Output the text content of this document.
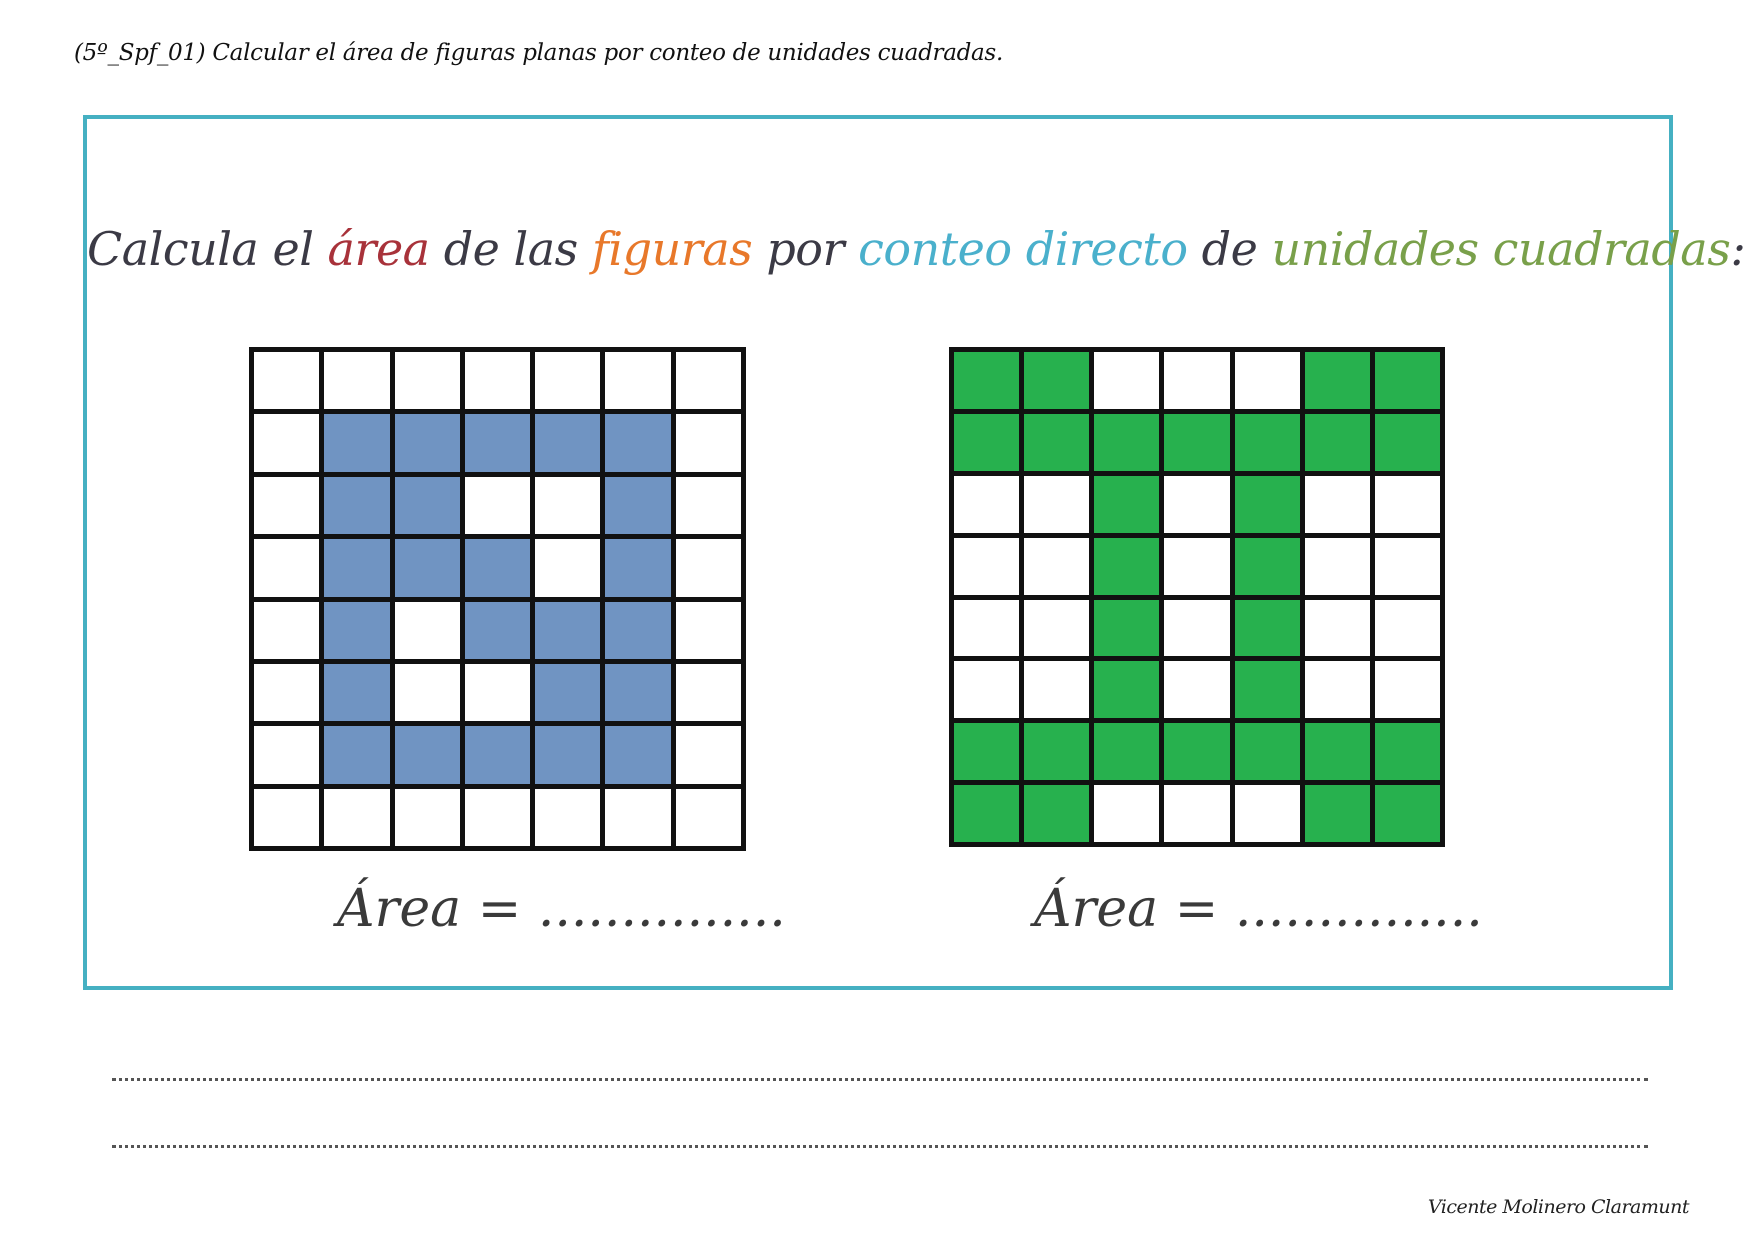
(5º_Spf_01) Calcular el área de figuras planas por conteo de unidades cuadradas.
Calcula el área de las figuras por conteo directo de unidades cuadradas:
Área = ...............	Área = ...............
Vicente Molinero Claramunt
